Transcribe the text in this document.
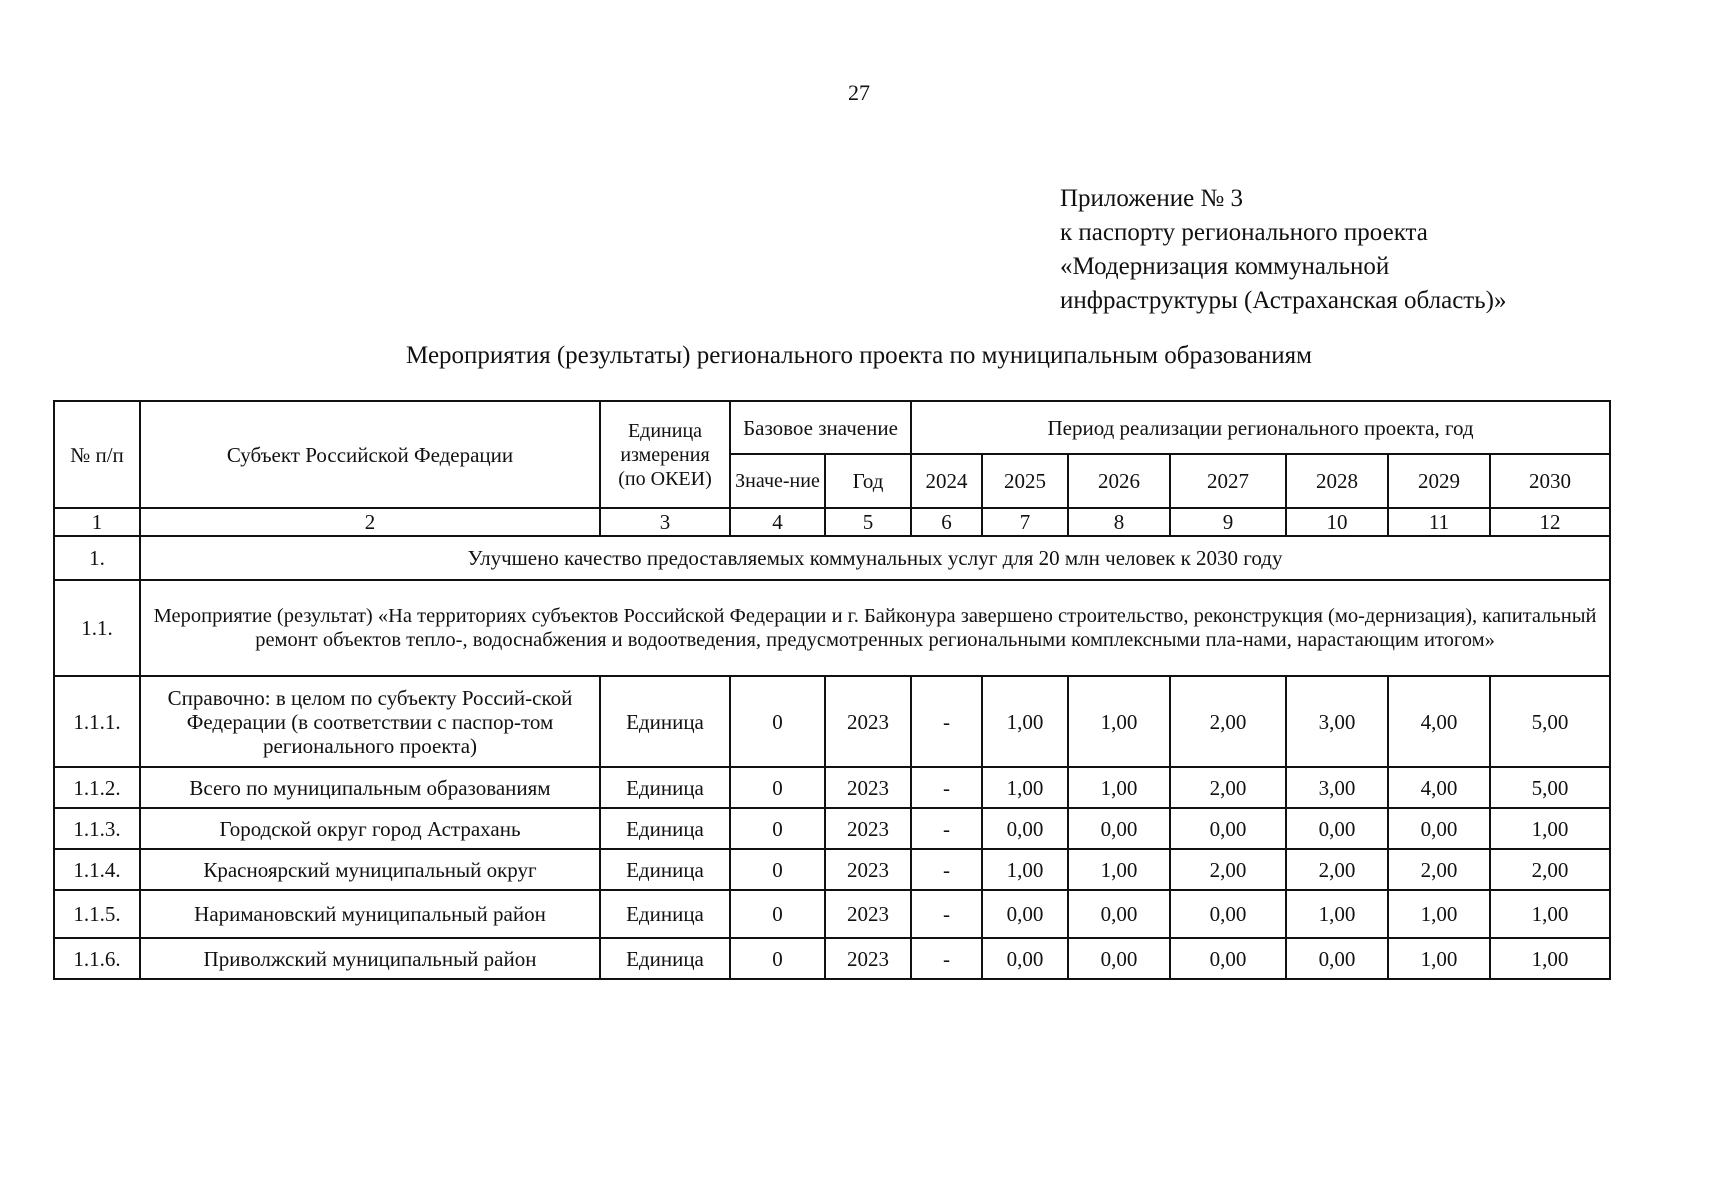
27
Приложение № 3
к паспорту регионального проекта
«Модернизация коммунальной
инфраструктуры (Астраханская область)»
Мероприятия (результаты) регионального проекта по муниципальным образованиям
№ п/п	Субъект Российской Федерации	Единица измерения (по ОКЕИ)	Базовое значение		Период реализации регионального проекта, год						
			Значе-ние	Год	2024	2025	2026	2027	2028	2029	2030
1	2	3	4	5	6	7	8	9	10	11	12
1.	Улучшено качество предоставляемых коммунальных услуг для 20 млн человек к 2030 году										
1.1.	Мероприятие (результат) «На территориях субъектов Российской Федерации и г. Байконура завершено строительство, реконструкция (мо-дернизация), капитальный ремонт объектов тепло-, водоснабжения и водоотведения, предусмотренных региональными комплексными пла-нами, нарастающим итогом»										
1.1.1.	Справочно: в целом по субъекту Россий-ской Федерации (в соответствии с паспор-том регионального проекта)	Единица	0	2023	-	1,00	1,00	2,00	3,00	4,00	5,00
1.1.2.	Всего по муниципальным образованиям	Единица	0	2023	-	1,00	1,00	2,00	3,00	4,00	5,00
1.1.3.	Городской округ город Астрахань	Единица	0	2023	-	0,00	0,00	0,00	0,00	0,00	1,00
1.1.4.	Красноярский муниципальный округ	Единица	0	2023	-	1,00	1,00	2,00	2,00	2,00	2,00
1.1.5.	Наримановский муниципальный район	Единица	0	2023	-	0,00	0,00	0,00	1,00	1,00	1,00
1.1.6.	Приволжский муниципальный район	Единица	0	2023	-	0,00	0,00	0,00	0,00	1,00	1,00
